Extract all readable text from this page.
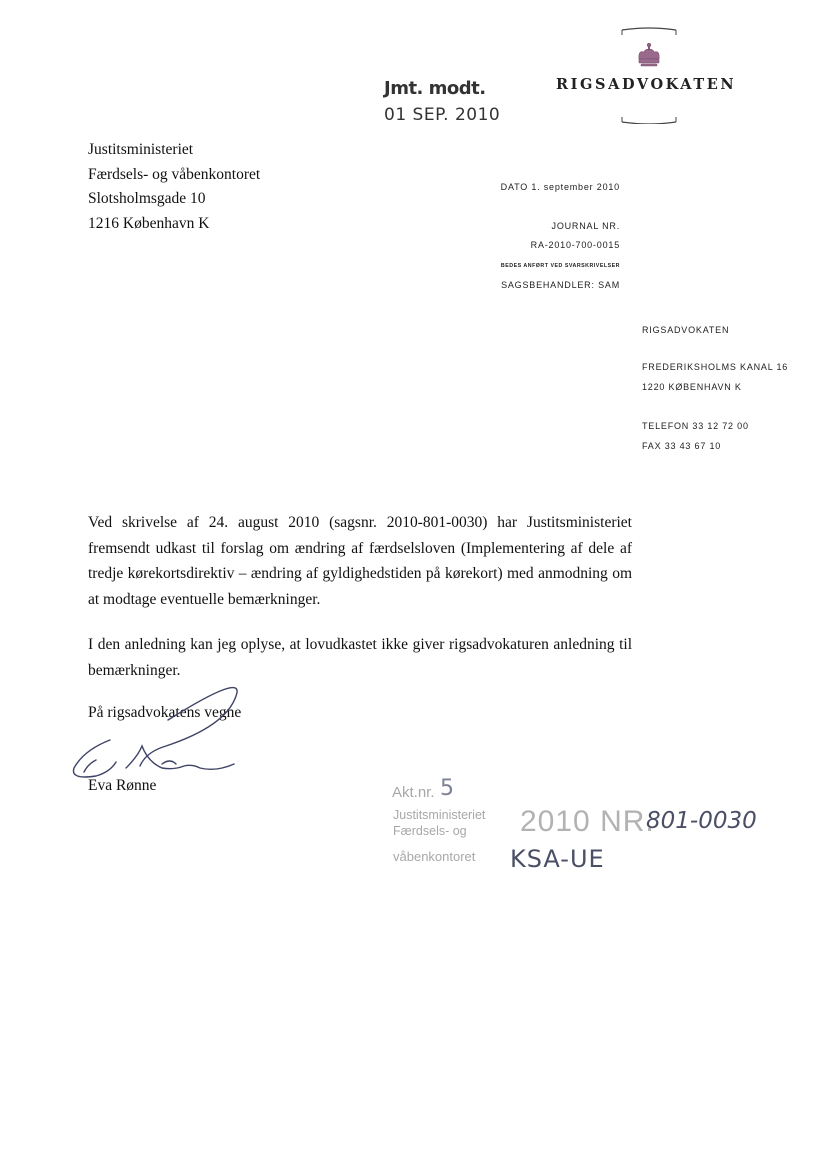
RIGSADVOKATEN
Jmt. modt.
01 SEP. 2010
Justitsministeriet
Færdsels- og våbenkontoret
Slotsholmsgade 10
1216 København K
DATO 1. september 2010
JOURNAL NR.
RA-2010-700-0015
BEDES ANFØRT VED SVARSKRIVELSER
SAGSBEHANDLER: SAM
RIGSADVOKATEN
FREDERIKSHOLMS KANAL 16
1220 KØBENHAVN K
TELEFON 33 12 72 00
FAX 33 43 67 10
Ved skrivelse af 24. august 2010 (sagsnr. 2010-801-0030) har Justitsministeriet fremsendt udkast til forslag om ændring af færdselsloven (Implementering af dele af tredje kørekortsdirektiv – ændring af gyldighedstiden på kørekort) med anmodning om at modtage eventuelle bemærkninger.
I den anledning kan jeg oplyse, at lovudkastet ikke giver rigsadvokaturen anledning til bemærkninger.
På rigsadvokatens vegne
Eva Rønne	Akt.nr. 5
Justitsministeriet
Færdsels- og
våbenkontoret
2010 NR.
801-0030
KSA-UE
